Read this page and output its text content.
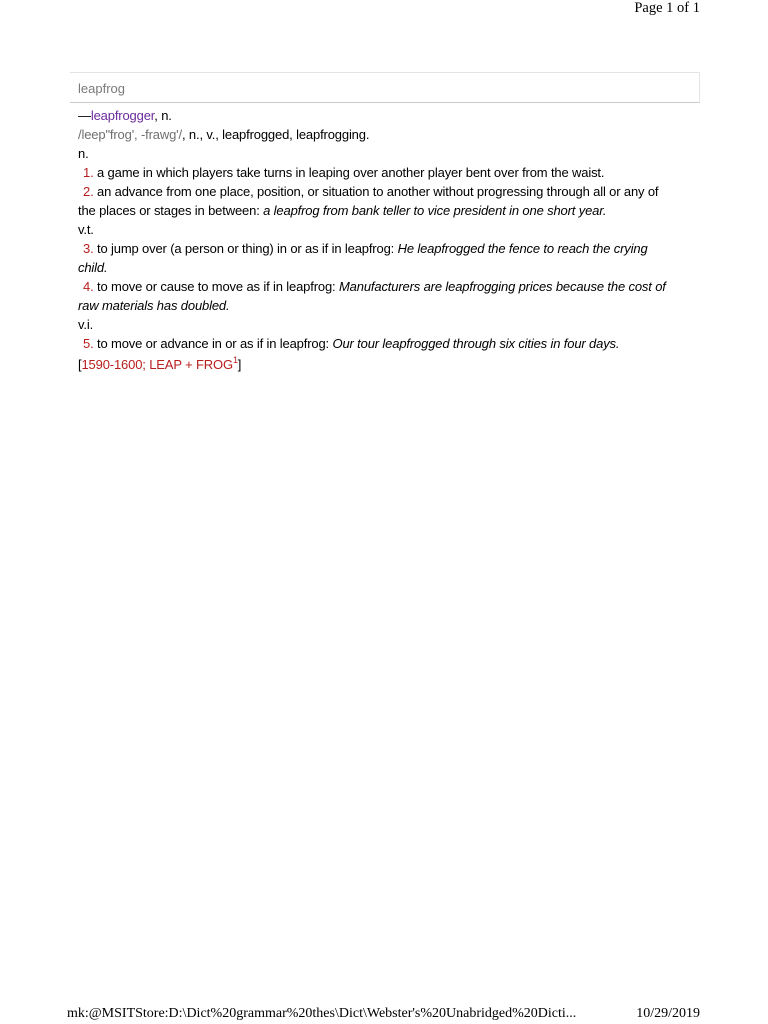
Page 1 of 1
leapfrog

—leapfrogger, n.

/leep"frog', -frawg'/, n., v., leapfrogged, leapfrogging.

n.

1. a game in which players take turns in leaping over another player bent over from the waist.

2. an advance from one place, position, or situation to another without progressing through all or any of the places or stages in between: a leapfrog from bank teller to vice president in one short year.

v.t.

3. to jump over (a person or thing) in or as if in leapfrog: He leapfrogged the fence to reach the crying child.

4. to move or cause to move as if in leapfrog: Manufacturers are leapfrogging prices because the cost of raw materials has doubled.

v.i.

5. to move or advance in or as if in leapfrog: Our tour leapfrogged through six cities in four days.

[1590-1600; LEAP + $FROG^1$]

mk:@MSITStore:D:\Dict%20grammar%20thes\Dict\Webster's%20Unabridged%20Dicti...	10/29/2019
